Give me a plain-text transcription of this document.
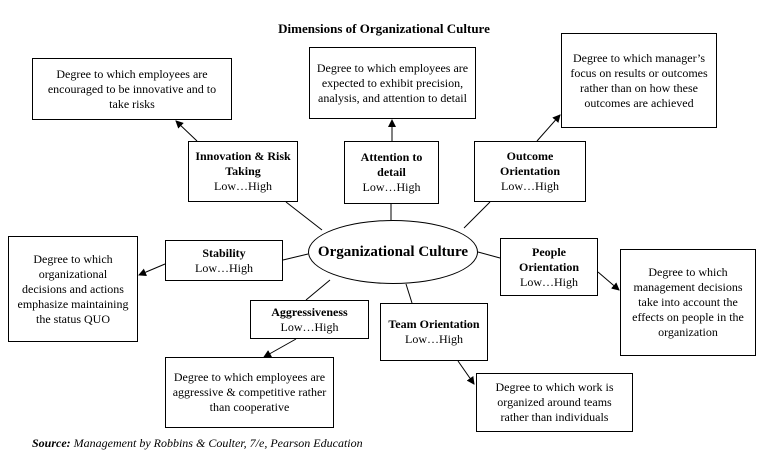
Dimensions of Organizational Culture
Organizational Culture
Innovation & Risk Taking
Low…High
Attention to detail
Low…High
Outcome Orientation
Low…High
People Orientation
Low…High
Team Orientation
Low…High
Aggressiveness
Low…High
Stability
Low…High
Degree to which employees are encouraged to be innovative and to take risks
Degree to which employees are expected to exhibit precision, analysis, and attention to detail
Degree to which manager’s focus on results or outcomes rather than on how these outcomes are achieved
Degree to which management decisions take into account the effects on people in the organization
Degree to which work is organized around teams rather than individuals
Degree to which employees are aggressive & competitive rather than cooperative
Degree to which organizational decisions and actions emphasize maintaining the status QUO
Source: Management by Robbins & Coulter, 7/e, Pearson Education
